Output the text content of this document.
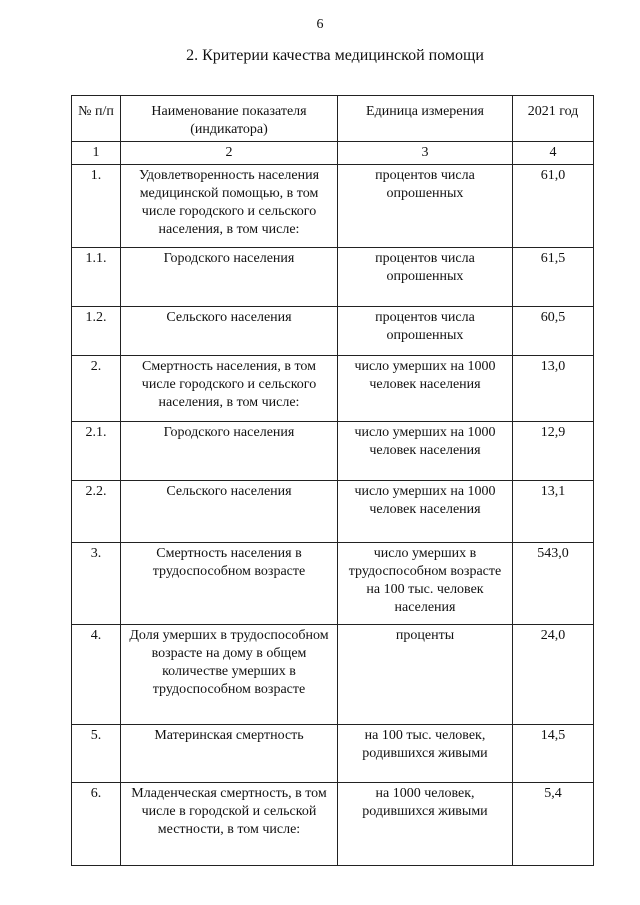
6
2. Критерии качества медицинской помощи
№ п/п	Наименование показателя (индикатора)	Единица измерения	2021 год
1	2	3	4
1.	Удовлетворенность населения медицинской помощью, в том числе городского и сельского населения, в том числе:	процентов числа опрошенных	61,0
1.1.	Городского населения	процентов числа опрошенных	61,5
1.2.	Сельского населения	процентов числа опрошенных	60,5
2.	Смертность населения, в том числе городского и сельского населения, в том числе:	число умерших на 1000 человек населения	13,0
2.1.	Городского населения	число умерших на 1000 человек населения	12,9
2.2.	Сельского населения	число умерших на 1000 человек населения	13,1
3.	Смертность населения в трудоспособном возрасте	число умерших в трудоспособном возрасте на 100 тыс. человек населения	543,0
4.	Доля умерших в трудоспособном возрасте на дому в общем количестве умерших в трудоспособном возрасте	проценты	24,0
5.	Материнская смертность	на 100 тыс. человек, родившихся живыми	14,5
6.	Младенческая смертность, в том числе в городской и сельской местности, в том числе:	на 1000 человек, родившихся живыми	5,4
